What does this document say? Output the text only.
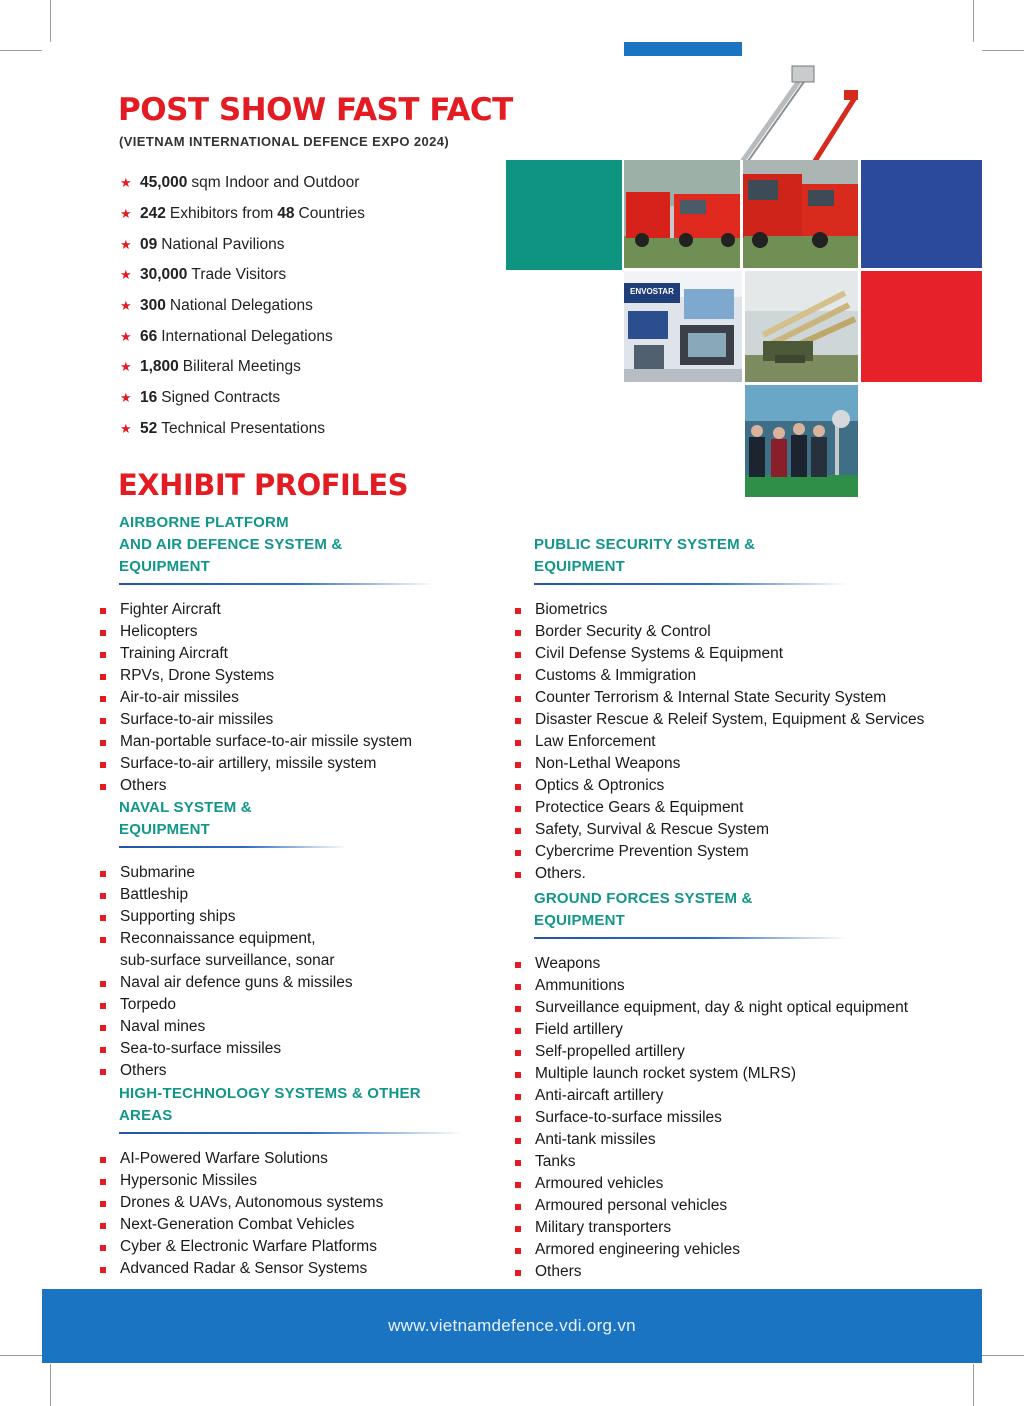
POST SHOW FAST FACT
(VIETNAM INTERNATIONAL DEFENCE EXPO 2024)
★ 45,000 sqm Indoor and Outdoor
★ 242 Exhibitors from 48 Countries
★ 09 National Pavilions
★ 30,000 Trade Visitors
★ 300 National Delegations
★ 66 International Delegations
★ 1,800 Biliteral Meetings
★ 16 Signed Contracts
★ 52 Technical Presentations
ENVOSTAR
EXHIBIT PROFILES
AIRBORNE PLATFORM
AND AIR DEFENCE SYSTEM & EQUIPMENT
Fighter Aircraft
Helicopters
Training Aircraft
RPVs, Drone Systems
Air-to-air missiles
Surface-to-air missiles
Man-portable surface-to-air missile system
Surface-to-air artillery, missile system
Others
NAVAL SYSTEM & EQUIPMENT
Submarine
Battleship
Supporting ships
Reconnaissance equipment,
sub-surface surveillance, sonar
Naval air defence guns & missiles
Torpedo
Naval mines
Sea-to-surface missiles
Others
HIGH-TECHNOLOGY SYSTEMS & OTHER AREAS
AI-Powered Warfare Solutions
Hypersonic Missiles
Drones & UAVs, Autonomous systems
Next-Generation Combat Vehicles
Cyber & Electronic Warfare Platforms
Advanced Radar & Sensor Systems
PUBLIC SECURITY SYSTEM & EQUIPMENT
Biometrics
Border Security & Control
Civil Defense Systems & Equipment
Customs & Immigration
Counter Terrorism & Internal State Security System
Disaster Rescue & Releif System, Equipment & Services
Law Enforcement
Non-Lethal Weapons
Optics & Optronics
Protectice Gears & Equipment
Safety, Survival & Rescue System
Cybercrime Prevention System
Others.
GROUND FORCES SYSTEM & EQUIPMENT
Weapons
Ammunitions
Surveillance equipment, day & night optical equipment
Field artillery
Self-propelled artillery
Multiple launch rocket system (MLRS)
Anti-aircaft artillery
Surface-to-surface missiles
Anti-tank missiles
Tanks
Armoured vehicles
Armoured personal vehicles
Military transporters
Armored engineering vehicles
Others
www.vietnamdefence.vdi.org.vn
